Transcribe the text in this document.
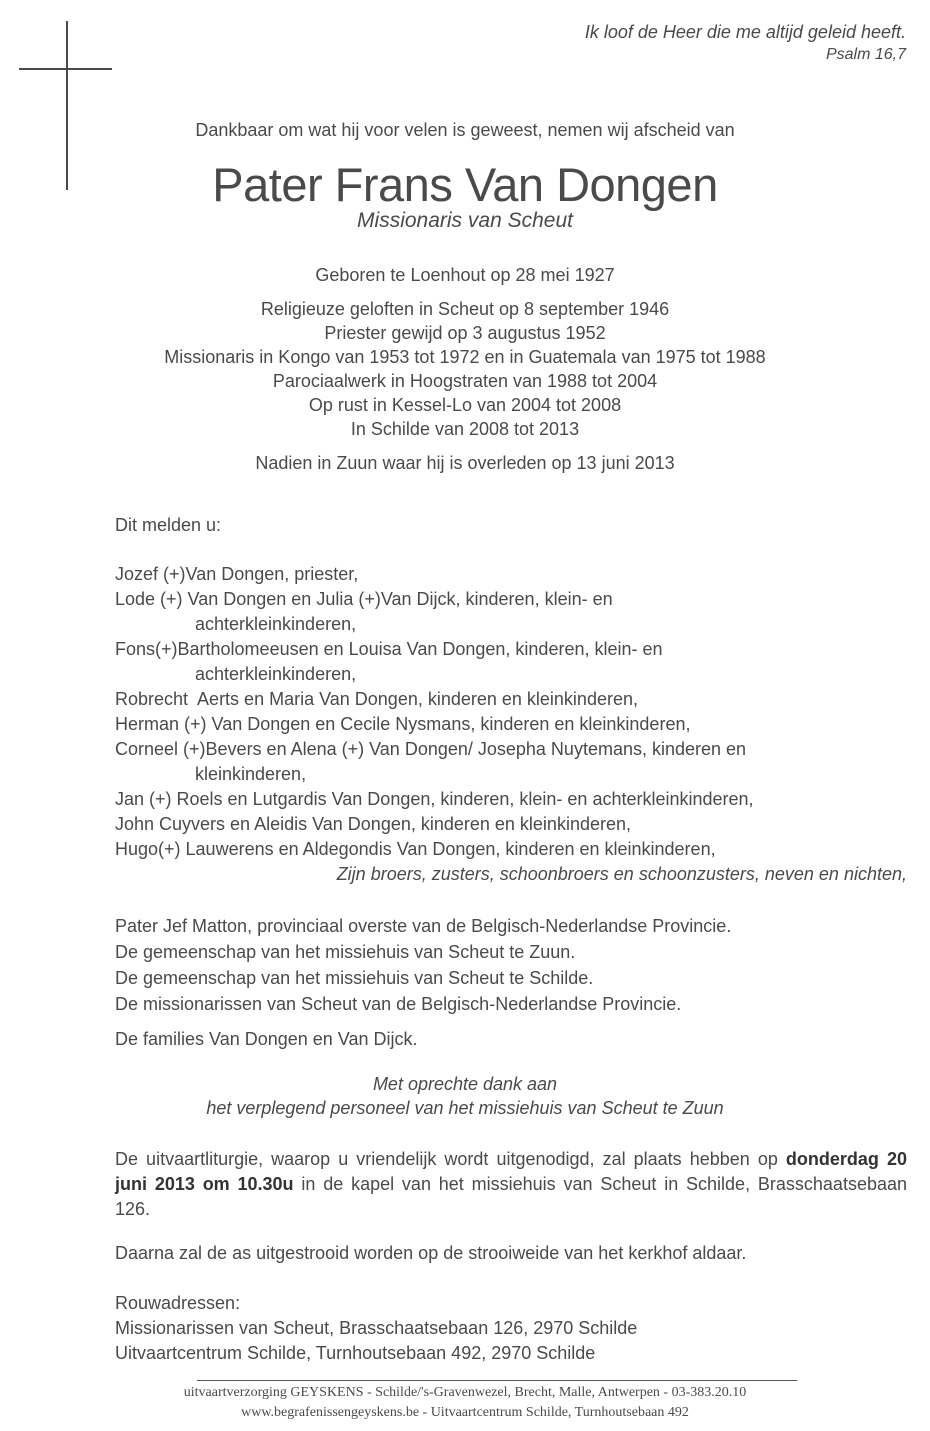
Ik loof de Heer die me altijd geleid heeft.
Psalm 16,7
Dankbaar om wat hij voor velen is geweest, nemen wij afscheid van
Pater Frans Van Dongen
Missionaris van Scheut
Geboren te Loenhout op 28 mei 1927
Religieuze geloften in Scheut op 8 september 1946
Priester gewijd op 3 augustus 1952
Missionaris in Kongo van 1953 tot 1972 en in Guatemala van 1975 tot 1988
Parociaalwerk in Hoogstraten van 1988 tot 2004
Op rust in Kessel-Lo van 2004 tot 2008
In Schilde van 2008 tot 2013
Nadien in Zuun waar hij is overleden op 13 juni 2013
Dit melden u:
Jozef (+)Van Dongen, priester,
Lode (+) Van Dongen en Julia (+)Van Dijck, kinderen, klein- en
achterkleinkinderen,
Fons(+)Bartholomeeusen en Louisa Van Dongen, kinderen, klein- en
achterkleinkinderen,
Robrecht  Aerts en Maria Van Dongen, kinderen en kleinkinderen,
Herman (+) Van Dongen en Cecile Nysmans, kinderen en kleinkinderen,
Corneel (+)Bevers en Alena (+) Van Dongen/ Josepha Nuytemans, kinderen en
kleinkinderen,
Jan (+) Roels en Lutgardis Van Dongen, kinderen, klein- en achterkleinkinderen,
John Cuyvers en Aleidis Van Dongen, kinderen en kleinkinderen,
Hugo(+) Lauwerens en Aldegondis Van Dongen, kinderen en kleinkinderen,
Zijn broers, zusters, schoonbroers en schoonzusters, neven en nichten,
Pater Jef Matton, provinciaal overste van de Belgisch-Nederlandse Provincie.
De gemeenschap van het missiehuis van Scheut te Zuun.
De gemeenschap van het missiehuis van Scheut te Schilde.
De missionarissen van Scheut van de Belgisch-Nederlandse Provincie.
De families Van Dongen en Van Dijck.
Met oprechte dank aan
het verplegend personeel van het missiehuis van Scheut te Zuun
De uitvaartliturgie, waarop u vriendelijk wordt uitgenodigd, zal plaats hebben op donderdag 20 juni 2013 om 10.30u in de kapel van het missiehuis van Scheut in Schilde, Brasschaatsebaan 126.
Daarna zal de as uitgestrooid worden op de strooiweide van het kerkhof aldaar.
Rouwadressen:
Missionarissen van Scheut, Brasschaatsebaan 126, 2970 Schilde
Uitvaartcentrum Schilde, Turnhoutsebaan 492, 2970 Schilde
uitvaartverzorging GEYSKENS - Schilde/'s-Gravenwezel, Brecht, Malle, Antwerpen - 03-383.20.10
www.begrafenissengeyskens.be - Uitvaartcentrum Schilde, Turnhoutsebaan 492
